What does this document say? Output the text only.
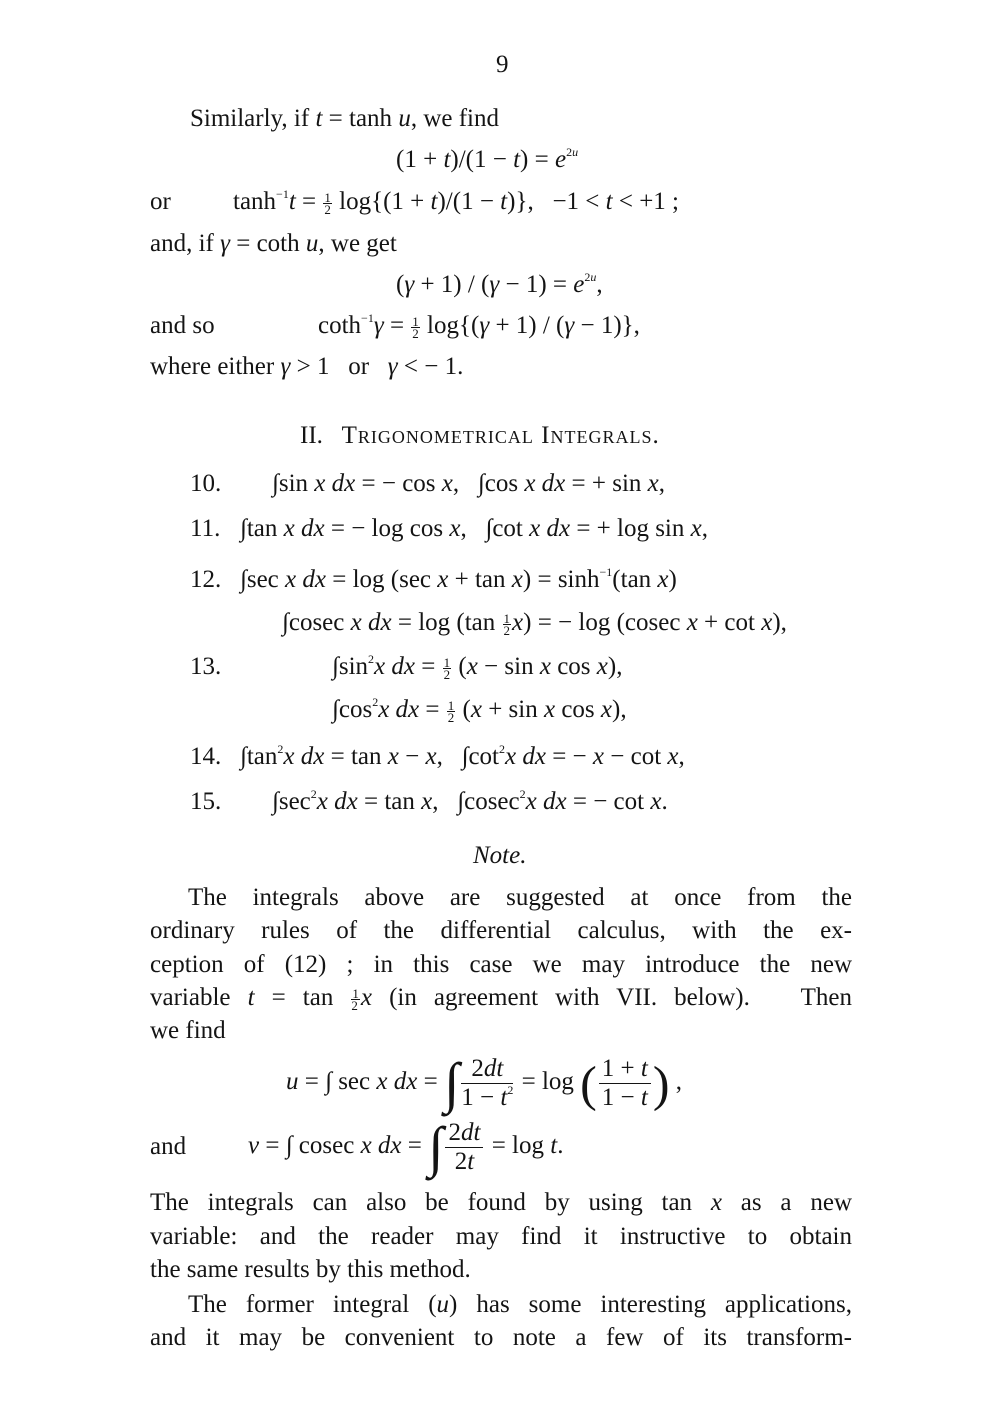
9
Similarly, if t = tanh u, we find
$(1 + t)/(1 - t) = e^{2u}$
or $\tanh^{-1}t = \frac{1}{2} \log\{(1 + t)/(1 - t)\}$,   −1 < t < +1 ;
and, if γ = coth u, we get
$(\gamma + 1) / (\gamma - 1) = e^{2u}$,
and so	$\cot h^{-1}\gamma = \frac{1}{2} \log\{(\gamma + 1) / (\gamma - 1)\}$,
where either γ > 1   or   γ < − 1.
II. Trigonometrical Integrals.
10. ∫sin x dx = − cos x,   ∫cos x dx = + sin x,
11. ∫tan x dx = − log cos x,   ∫cot x dx = + log sin x,
12. ∫sec x dx = log (sec $x + \tan x) = \sinh^{-1}(\tan$ x)
∫cosec x dx = $\log (\tan \frac{1}{2} x)$ = − log (cosec x + cot x),
13.	$\int\sin^2x$ dx = $\frac{1}{2} (x - \sin x$ cos x),
$\int\cos^2x$ dx = $\frac{1}{2} (x + \sin x$ cos x),
14. $\int\tan^2x$ dx = tan x − x,   $\int\cot^2x$ dx = − x − cot x,
15. $\int\sec^2x$ dx = tan x,   ∫cosec$^2$x dx = − cot x.
Note.
The integrals above are suggested at once from the
ordinary rules of the differential calculus, with the ex-
ception of (12) ; in this case we may introduce the new
variable $t = \tan \frac{1}{2}$ x (in agreement with VII. below).   Then
we find
u = ∫ sec x dx = ∫ $\frac{2dt}{1 - t^2} = \log$ ( $\frac{1 + t}{1 - t}$ ) ,
and v = ∫ cosec x dx = ∫ $\frac{2dt}{2t} = \log t$.
The integrals can also be found by using tan x as a new
variable: and the reader may find it instructive to obtain
the same results by this method.
The former integral (u) has some interesting applications,
and it may be convenient to note a few of its transform-
